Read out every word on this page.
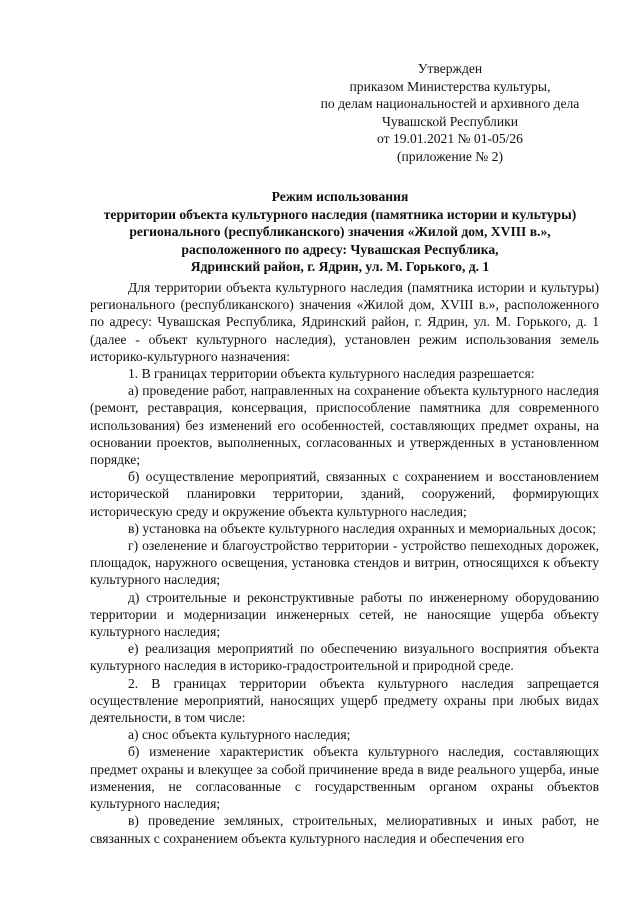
Утвержден
приказом Министерства культуры,
по делам национальностей и архивного дела
Чувашской Республики
от 19.01.2021 № 01-05/26
(приложение № 2)
Режим использования
территории объекта культурного наследия (памятника истории и культуры)
регионального (республиканского) значения «Жилой дом, XVIII в.»,
расположенного по адресу: Чувашская Республика,
Ядринский район, г. Ядрин, ул. М. Горького, д. 1

Для территории объекта культурного наследия (памятника истории и культуры) регионального (республиканского) значения «Жилой дом, XVIII в.», расположенного по адресу: Чувашская Республика, Ядринский район, г. Ядрин, ул. М. Горького, д. 1 (далее - объект культурного наследия), установлен режим использования земель историко-культурного назначения:

1. В границах территории объекта культурного наследия разрешается:

а) проведение работ, направленных на сохранение объекта культурного наследия (ремонт, реставрация, консервация, приспособление памятника для современного использования) без изменений его особенностей, составляющих предмет охраны, на основании проектов, выполненных, согласованных и утвержденных в установленном порядке;

б) осуществление мероприятий, связанных с сохранением и восстановлением исторической планировки территории, зданий, сооружений, формирующих историческую среду и окружение объекта культурного наследия;

в) установка на объекте культурного наследия охранных и мемориальных досок;

г) озеленение и благоустройство территории - устройство пешеходных дорожек, площадок, наружного освещения, установка стендов и витрин, относящихся к объекту культурного наследия;

д) строительные и реконструктивные работы по инженерному оборудованию территории и модернизации инженерных сетей, не наносящие ущерба объекту культурного наследия;

е) реализация мероприятий по обеспечению визуального восприятия объекта культурного наследия в историко-градостроительной и природной среде.

2. В границах территории объекта культурного наследия запрещается осуществление мероприятий, наносящих ущерб предмету охраны при любых видах деятельности, в том числе:

а) снос объекта культурного наследия;

б) изменение характеристик объекта культурного наследия, составляющих предмет охраны и влекущее за собой причинение вреда в виде реального ущерба, иные изменения, не согласованные с государственным органом охраны объектов культурного наследия;

в) проведение земляных, строительных, мелиоративных и иных работ, не связанных с сохранением объекта культурного наследия и обеспечения его
